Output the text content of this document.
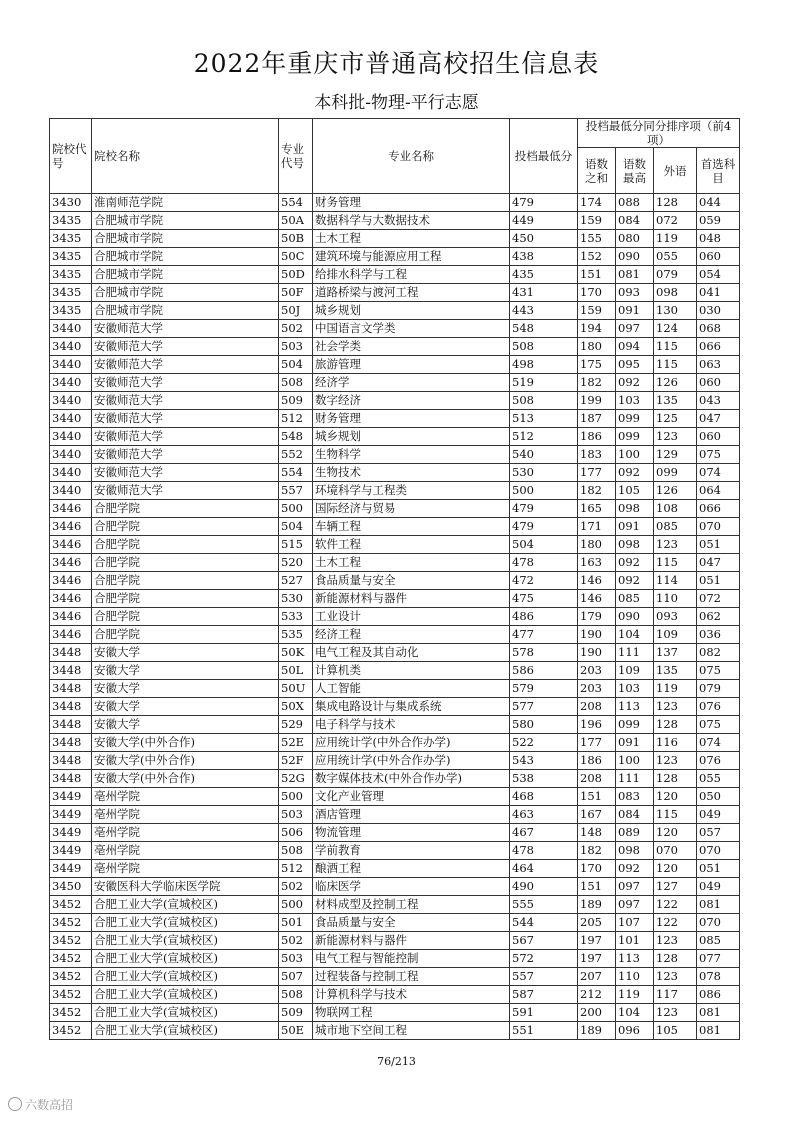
2022年重庆市普通高校招生信息表
本科批-物理-平行志愿
院校代号	院校名称	专业代号	专业名称	投档最低分	投档最低分同分排序项（前4项）			
					语数之和	语数最高	外语	首选科目
3430	淮南师范学院	554	财务管理	479	174	088	128	044
3435	合肥城市学院	50A	数据科学与大数据技术	449	159	084	072	059
3435	合肥城市学院	50B	土木工程	450	155	080	119	048
3435	合肥城市学院	50C	建筑环境与能源应用工程	438	152	090	055	060
3435	合肥城市学院	50D	给排水科学与工程	435	151	081	079	054
3435	合肥城市学院	50F	道路桥梁与渡河工程	431	170	093	098	041
3435	合肥城市学院	50J	城乡规划	443	159	091	130	030
3440	安徽师范大学	502	中国语言文学类	548	194	097	124	068
3440	安徽师范大学	503	社会学类	508	180	094	115	066
3440	安徽师范大学	504	旅游管理	498	175	095	115	063
3440	安徽师范大学	508	经济学	519	182	092	126	060
3440	安徽师范大学	509	数字经济	508	199	103	135	043
3440	安徽师范大学	512	财务管理	513	187	099	125	047
3440	安徽师范大学	548	城乡规划	512	186	099	123	060
3440	安徽师范大学	552	生物科学	540	183	100	129	075
3440	安徽师范大学	554	生物技术	530	177	092	099	074
3440	安徽师范大学	557	环境科学与工程类	500	182	105	126	064
3446	合肥学院	500	国际经济与贸易	479	165	098	108	066
3446	合肥学院	504	车辆工程	479	171	091	085	070
3446	合肥学院	515	软件工程	504	180	098	123	051
3446	合肥学院	520	土木工程	478	163	092	115	047
3446	合肥学院	527	食品质量与安全	472	146	092	114	051
3446	合肥学院	530	新能源材料与器件	475	146	085	110	072
3446	合肥学院	533	工业设计	486	179	090	093	062
3446	合肥学院	535	经济工程	477	190	104	109	036
3448	安徽大学	50K	电气工程及其自动化	578	190	111	137	082
3448	安徽大学	50L	计算机类	586	203	109	135	075
3448	安徽大学	50U	人工智能	579	203	103	119	079
3448	安徽大学	50X	集成电路设计与集成系统	577	208	113	123	076
3448	安徽大学	529	电子科学与技术	580	196	099	128	075
3448	安徽大学(中外合作)	52E	应用统计学(中外合作办学)	522	177	091	116	074
3448	安徽大学(中外合作)	52F	应用统计学(中外合作办学)	543	186	100	123	076
3448	安徽大学(中外合作)	52G	数字媒体技术(中外合作办学)	538	208	111	128	055
3449	亳州学院	500	文化产业管理	468	151	083	120	050
3449	亳州学院	503	酒店管理	463	167	084	115	049
3449	亳州学院	506	物流管理	467	148	089	120	057
3449	亳州学院	508	学前教育	478	182	098	070	070
3449	亳州学院	512	酿酒工程	464	170	092	120	051
3450	安徽医科大学临床医学院	502	临床医学	490	151	097	127	049
3452	合肥工业大学(宣城校区)	500	材料成型及控制工程	555	189	097	122	081
3452	合肥工业大学(宣城校区)	501	食品质量与安全	544	205	107	122	070
3452	合肥工业大学(宣城校区)	502	新能源材料与器件	567	197	101	123	085
3452	合肥工业大学(宣城校区)	503	电气工程与智能控制	572	197	113	128	077
3452	合肥工业大学(宣城校区)	507	过程装备与控制工程	557	207	110	123	078
3452	合肥工业大学(宣城校区)	508	计算机科学与技术	587	212	119	117	086
3452	合肥工业大学(宣城校区)	509	物联网工程	591	200	104	123	081
3452	合肥工业大学(宣城校区)	50E	城市地下空间工程	551	189	096	105	081
76/213
六数高招
